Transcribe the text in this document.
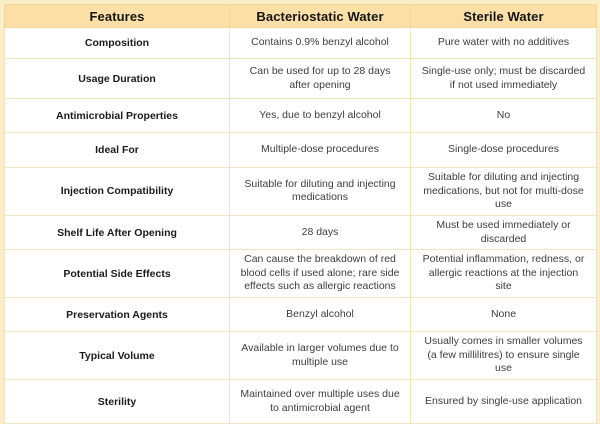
Features	Bacteriostatic Water	Sterile Water
Composition	Contains 0.9% benzyl alcohol	Pure water with no additives
Usage Duration	Can be used for up to 28 days after opening	Single-use only; must be discarded if not used immediately
Antimicrobial Properties	Yes, due to benzyl alcohol	No
Ideal For	Multiple-dose procedures	Single-dose procedures
Injection Compatibility	Suitable for diluting and injecting medications	Suitable for diluting and injecting medications, but not for multi-dose use
Shelf Life After Opening	28 days	Must be used immediately or discarded
Potential Side Effects	Can cause the breakdown of red blood cells if used alone; rare side effects such as allergic reactions	Potential inflammation, redness, or allergic reactions at the injection site
Preservation Agents	Benzyl alcohol	None
Typical Volume	Available in larger volumes due to multiple use	Usually comes in smaller volumes (a few millilitres) to ensure single use
Sterility	Maintained over multiple uses due to antimicrobial agent	Ensured by single-use application
